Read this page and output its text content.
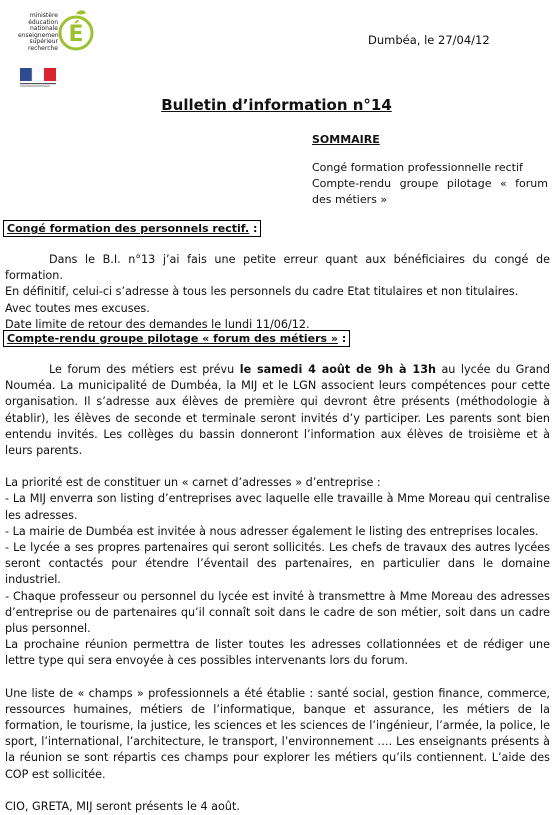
ministère
éducation
nationale
enseignement
supérieur
recherche
É	Dumbéa, le 27/04/12
Bulletin d’information n°14
SOMMAIRE
Congé formation professionnelle rectif
Compte-rendu groupe pilotage « forum des métiers »
Congé formation des personnels rectif. :

Dans le B.I. n°13 j’ai fais une petite erreur quant aux bénéficiaires du congé de formation.

En définitif, celui-ci s’adresse à tous les personnels du cadre Etat titulaires et non titulaires.

Avec toutes mes excuses.

Date limite de retour des demandes le lundi 11/06/12.

Compte-rendu groupe pilotage « forum des métiers » :

Le forum des métiers est prévu le samedi 4 août de 9h à 13h au lycée du Grand Nouméa. La municipalité de Dumbéa, la MIJ et le LGN associent leurs compétences pour cette organisation. Il s’adresse aux élèves de première qui devront être présents (méthodologie à établir), les élèves de seconde et terminale seront invités d’y participer. Les parents sont bien entendu invités. Les collèges du bassin donneront l’information aux élèves de troisième et à leurs parents.

La priorité est de constituer un « carnet d’adresses » d’entreprise :

- La MIJ enverra son listing d’entreprises avec laquelle elle travaille à Mme Moreau qui centralise les adresses.

- La mairie de Dumbéa est invitée à nous adresser également le listing des entreprises locales.

- Le lycée a ses propres partenaires qui seront sollicités. Les chefs de travaux des autres lycées seront contactés pour étendre l’éventail des partenaires, en particulier dans le domaine industriel.

- Chaque professeur ou personnel du lycée est invité à transmettre à Mme Moreau des adresses d’entreprise ou de partenaires qu’il connaît soit dans le cadre de son métier, soit dans un cadre plus personnel.

La prochaine réunion permettra de lister toutes les adresses collationnées et de rédiger une lettre type qui sera envoyée à ces possibles intervenants lors du forum.

Une liste de « champs » professionnels a été établie : santé social, gestion finance, commerce, ressources humaines, métiers de l’informatique, banque et assurance, les métiers de la formation, le tourisme, la justice, les sciences et les sciences de l’ingénieur, l’armée, la police, le sport, l’international, l’architecture, le transport, l’environnement …. Les enseignants présents à la réunion se sont répartis ces champs pour explorer les métiers qu’ils contiennent. L’aide des COP est sollicitée.

CIO, GRETA, MIJ seront présents le 4 août.
